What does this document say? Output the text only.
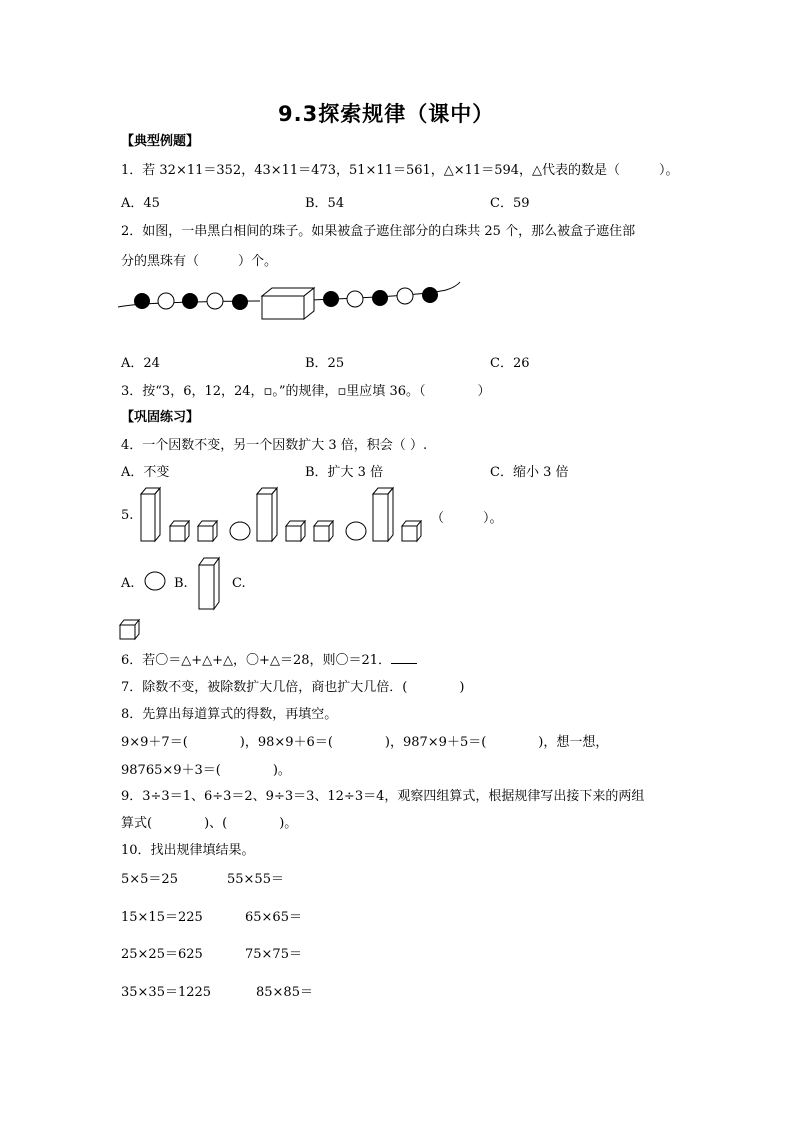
9.3探索规律（课中）
【典型例题】
1．若 32×11＝352，43×11＝473，51×11＝561，△×11＝594，△代表的数是（　　　）。
A．45	B．54	C．59
2．如图，一串黑白相间的珠子。如果被盒子遮住部分的白珠共 25 个，那么被盒子遮住部
分的黑珠有（　　　）个。
A．24	B．25	C．26
3．按“3，6，12，24，▫。”的规律，▫里应填 36。（　　　　）
【巩固练习】
4．一个因数不变，另一个因数扩大 3 倍，积会（ ）.
A．不变	B．扩大 3 倍	C．缩小 3 倍
5.	（　　　）。
A.	B.	C.
6．若〇＝△+△+△，〇+△＝28，则〇＝21．
7．除数不变，被除数扩大几倍，商也扩大几倍．(　　　　)
8．先算出每道算式的得数，再填空。
9×9＋7＝(　　　　)，98×9＋6＝(　　　　)，987×9＋5＝(　　　　)，想一想，
98765×9＋3＝(　　　　)。
9．3÷3＝1、6÷3＝2、9÷3＝3、12÷3＝4，观察四组算式，根据规律写出接下来的两组
算式(　　　　)、(　　　　)。
10．找出规律填结果。
5×5＝25	55×55＝
15×15＝225	65×65＝
25×25＝625	75×75＝
35×35＝1225	85×85＝
